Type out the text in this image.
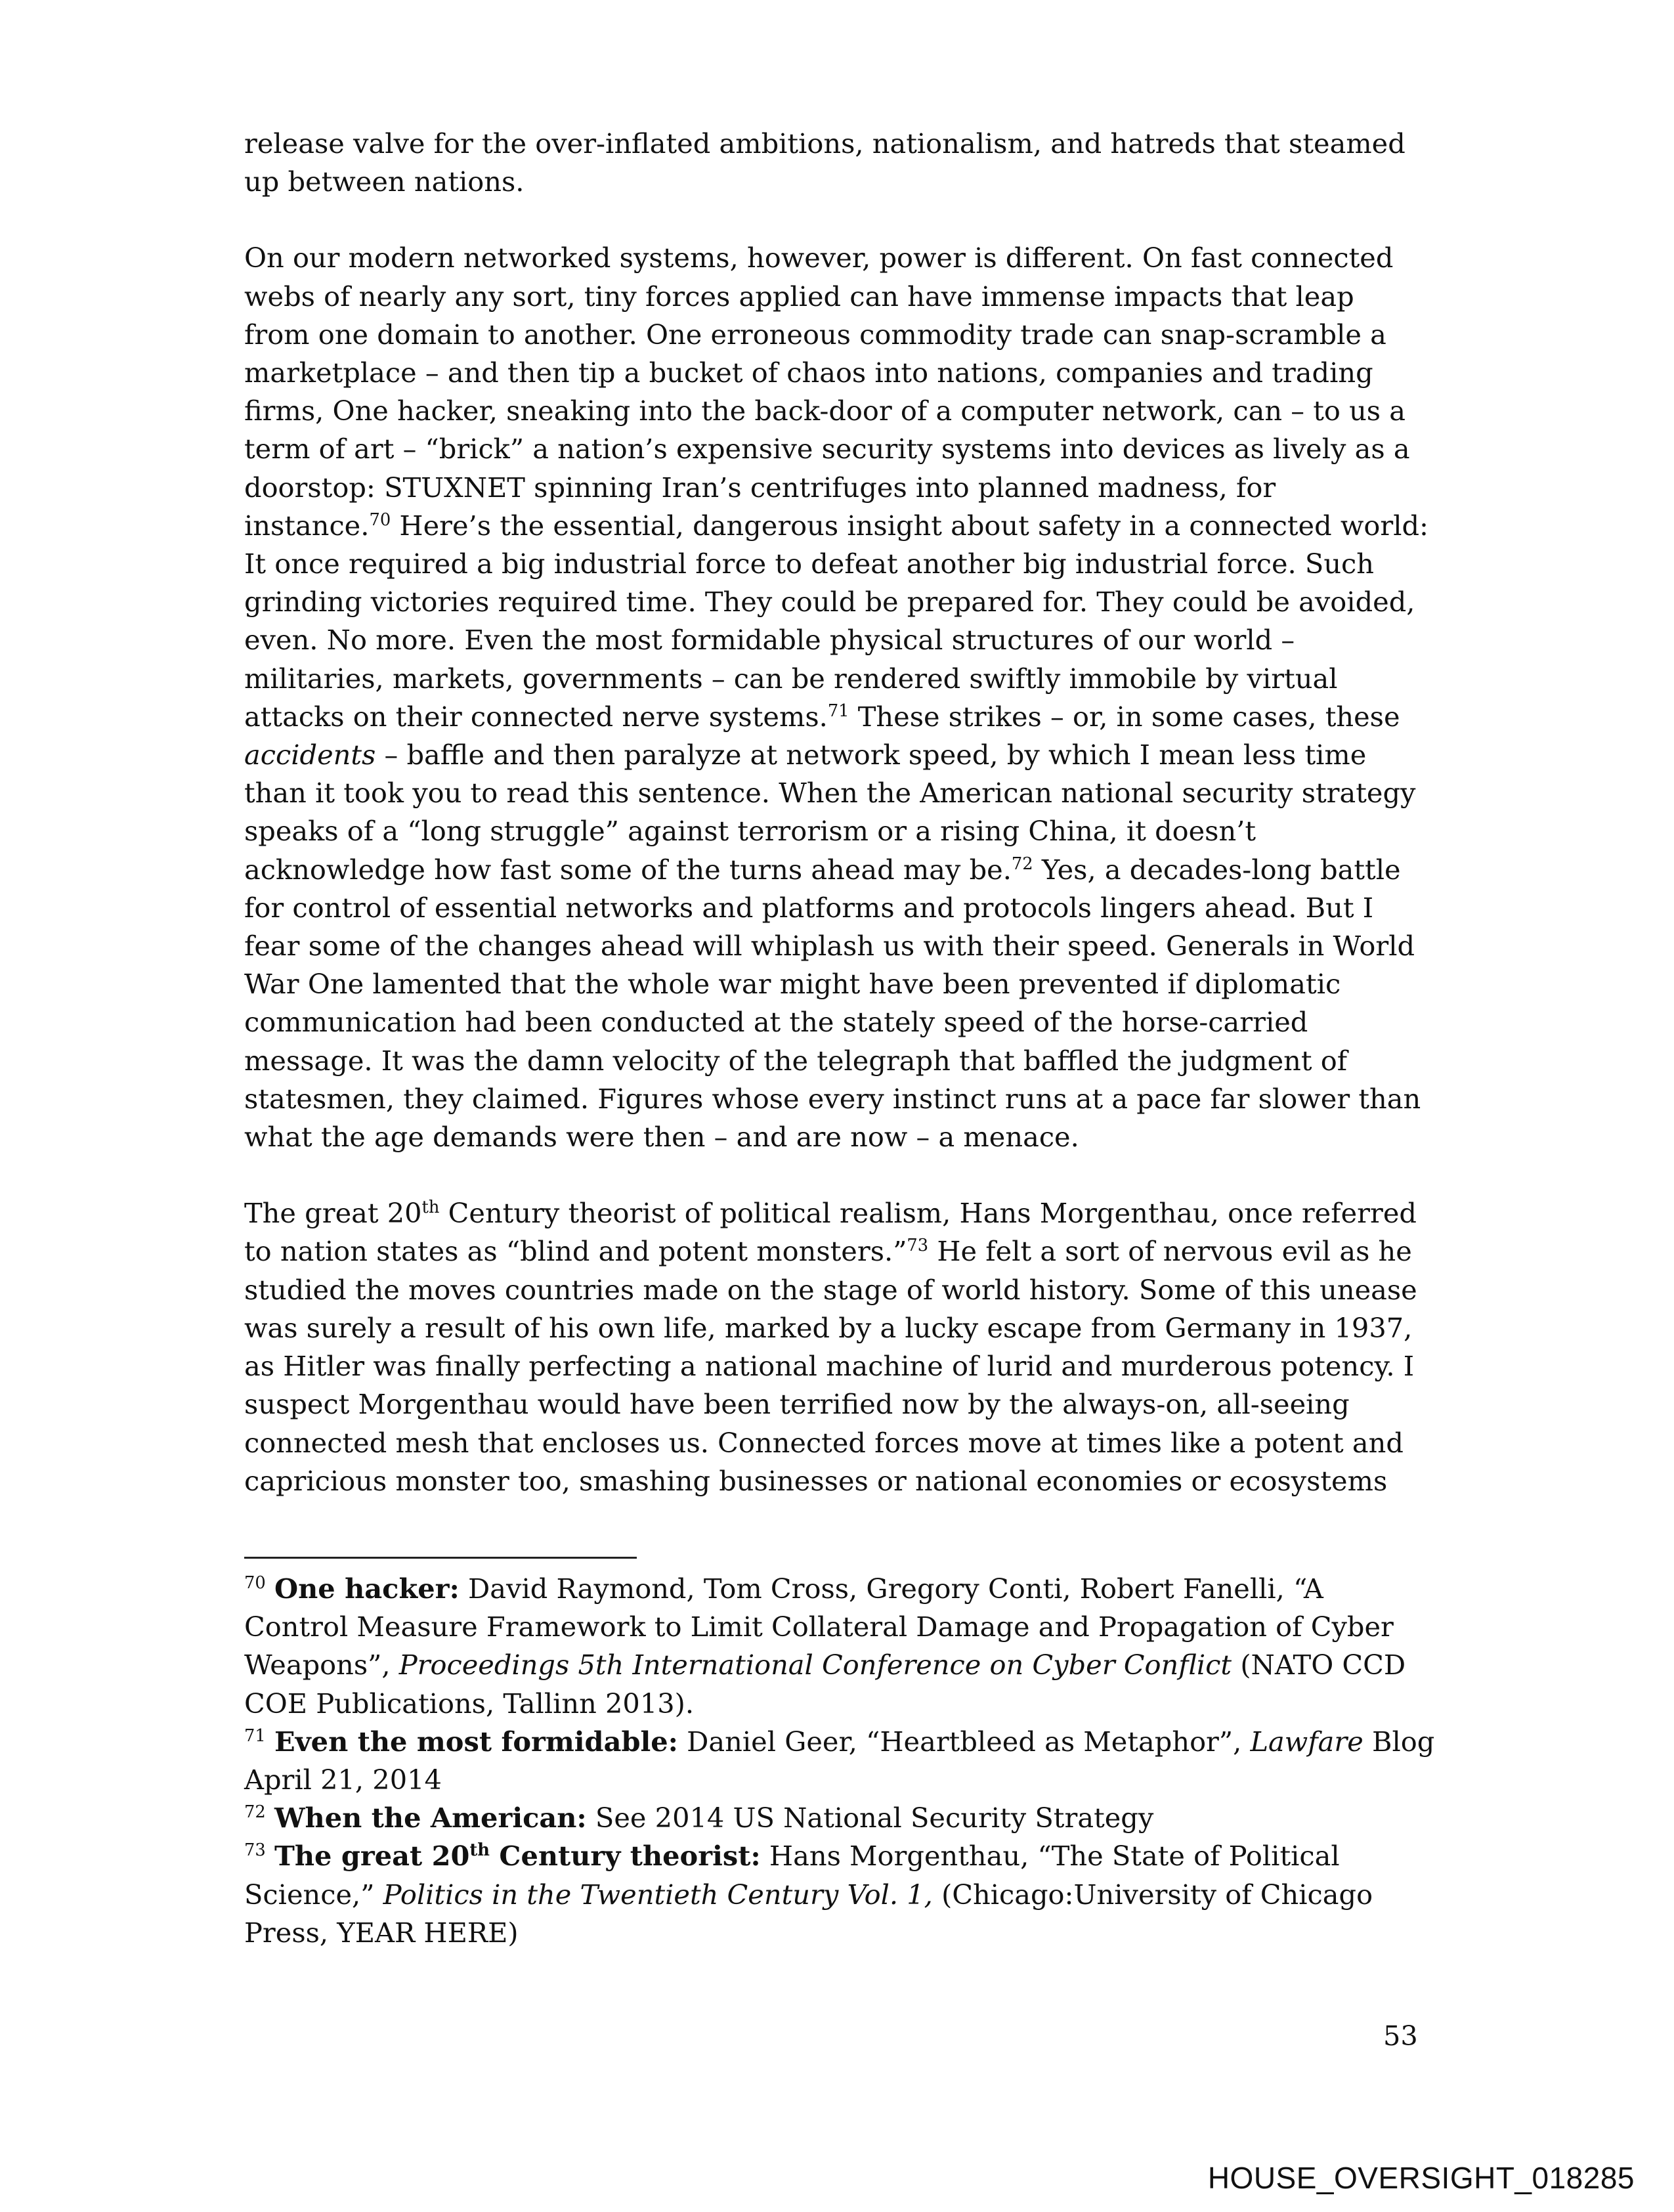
release valve for the over-inflated ambitions, nationalism, and hatreds that steamed
up between nations.

On our modern networked systems, however, power is different. On fast connected
webs of nearly any sort, tiny forces applied can have immense impacts that leap
from one domain to another. One erroneous commodity trade can snap-scramble a
marketplace – and then tip a bucket of chaos into nations, companies and trading
firms, One hacker, sneaking into the back-door of a computer network, can – to us a
term of art – “brick” a nation’s expensive security systems into devices as lively as a
doorstop: STUXNET spinning Iran’s centrifuges into planned madness, for
instance.$^{70}$ Here’s the essential, dangerous insight about safety in a connected world:
It once required a big industrial force to defeat another big industrial force. Such
grinding victories required time. They could be prepared for. They could be avoided,
even. No more. Even the most formidable physical structures of our world –
militaries, markets, governments – can be rendered swiftly immobile by virtual
attacks on their connected nerve systems.$^{71}$ These strikes – or, in some cases, these
accidents – baffle and then paralyze at network speed, by which I mean less time
than it took you to read this sentence. When the American national security strategy
speaks of a “long struggle” against terrorism or a rising China, it doesn’t
acknowledge how fast some of the turns ahead may be.$^{72}$ Yes, a decades-long battle
for control of essential networks and platforms and protocols lingers ahead. But I
fear some of the changes ahead will whiplash us with their speed. Generals in World
War One lamented that the whole war might have been prevented if diplomatic
communication had been conducted at the stately speed of the horse-carried
message. It was the damn velocity of the telegraph that baffled the judgment of
statesmen, they claimed. Figures whose every instinct runs at a pace far slower than
what the age demands were then – and are now – a menace.

The great 20th Century theorist of political realism, Hans Morgenthau, once referred
to nation states as “blind and potent monsters.”$^{73}$ He felt a sort of nervous evil as he
studied the moves countries made on the stage of world history. Some of this unease
was surely a result of his own life, marked by a lucky escape from Germany in 1937,
as Hitler was finally perfecting a national machine of lurid and murderous potency. I
suspect Morgenthau would have been terrified now by the always-on, all-seeing
connected mesh that encloses us. Connected forces move at times like a potent and
capricious monster too, smashing businesses or national economies or ecosystems

$^{70}$ One hacker: David Raymond, Tom Cross, Gregory Conti, Robert Fanelli, “A
Control Measure Framework to Limit Collateral Damage and Propagation of Cyber
Weapons”, Proceedings 5th International Conference on Cyber Conflict (NATO CCD
COE Publications, Tallinn 2013).
$^{71}$ Even the most formidable: Daniel Geer, “Heartbleed as Metaphor”, Lawfare Blog
April 21, 2014
$^{72}$ When the American: See 2014 US National Security Strategy
$^{73}$ The great 20th Century theorist: Hans Morgenthau, “The State of Political
Science,” Politics in the Twentieth Century Vol. 1, (Chicago:University of Chicago
Press, YEAR HERE)
53
HOUSE_OVERSIGHT_018285
